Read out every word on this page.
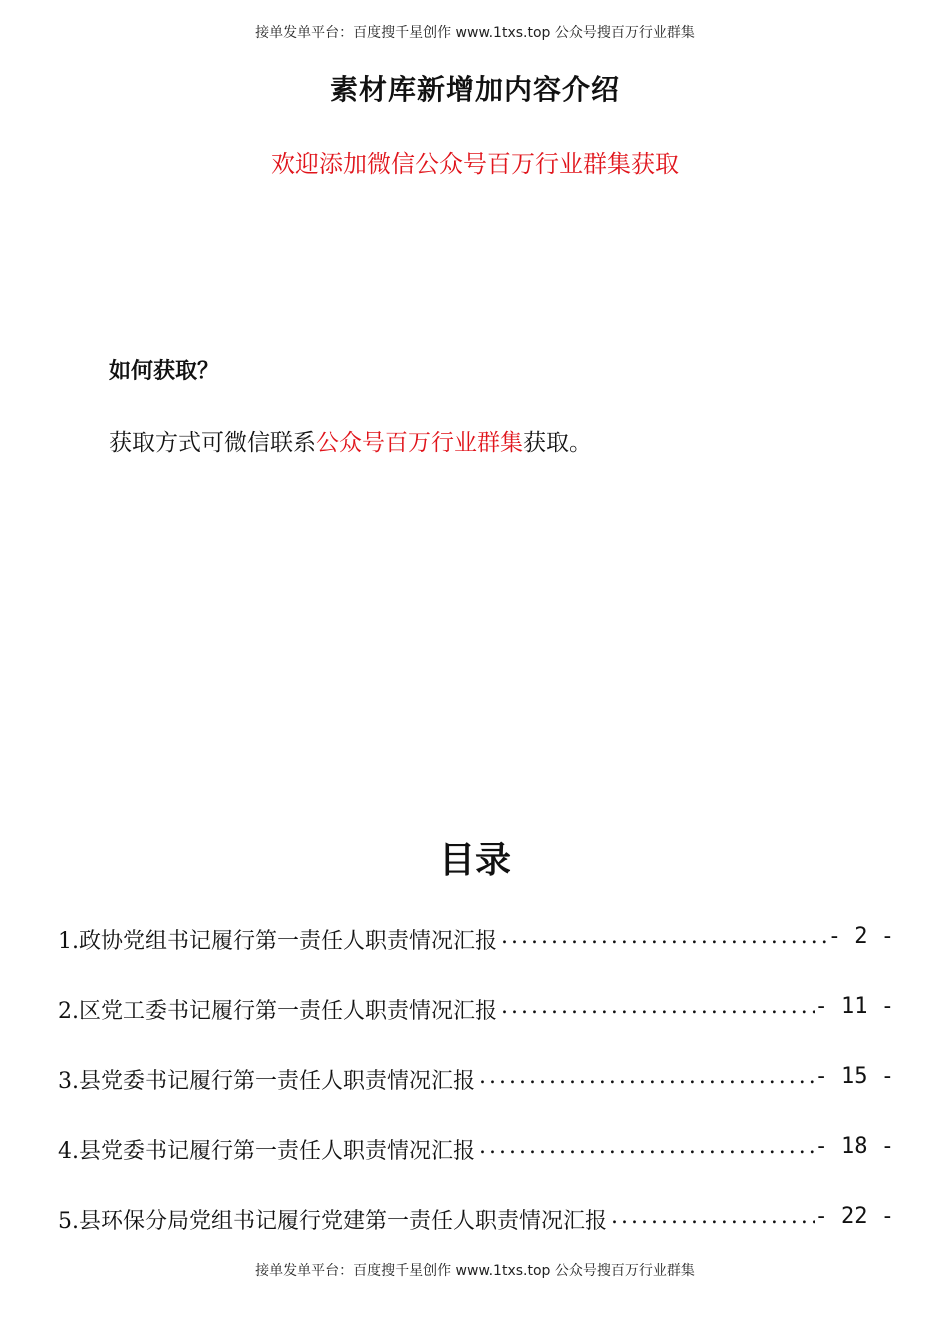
接单发单平台：百度搜千星创作 www.1txs.top 公众号搜百万行业群集
素材库新增加内容介绍
欢迎添加微信公众号百万行业群集获取
如何获取？
获取方式可微信联系公众号百万行业群集获取。
目录
1.政协党组书记履行第一责任人职责情况汇报 .....	- 2 -
2.区党工委书记履行第一责任人职责情况汇报 .....	- 11 -
3.县党委书记履行第一责任人职责情况汇报 .....	- 15 -
4.县党委书记履行第一责任人职责情况汇报 .....	- 18 -
5.县环保分局党组书记履行党建第一责任人职责情况汇报 .....	- 22 -
接单发单平台：百度搜千星创作 www.1txs.top 公众号搜百万行业群集
